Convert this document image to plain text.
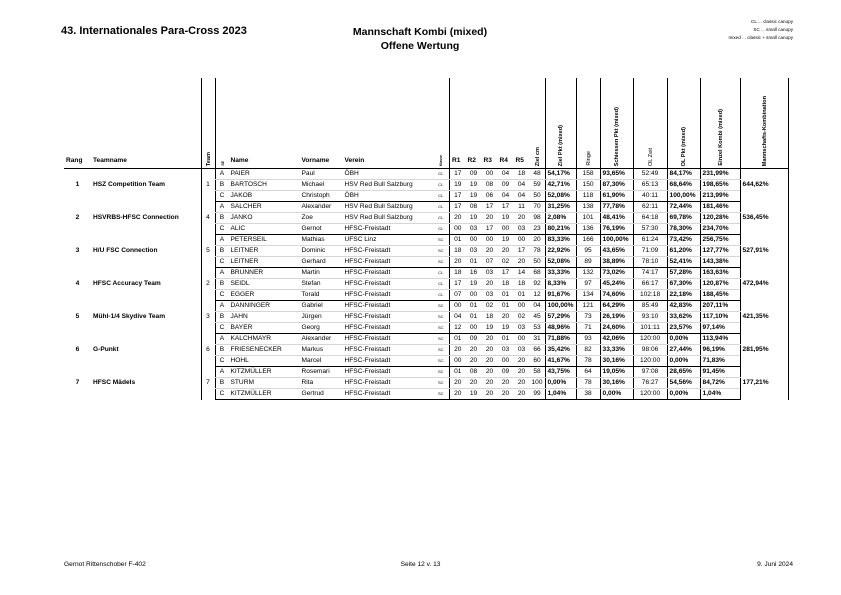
43. Internationales Para-Cross 2023	Mannschaft Kombi (mixed)
Offene Wertung
CL ... classic canopy
SC ... small canopy
mixed ... classic + small canopy
Rang	Teamname	Team	SE	Name	Vorname	Verein	Klasse	R1	R2	R3	R4	R5	Ziel cm	Ziel Pkt (mixed)	Ringe	Schiessen Pkt (mixed)	OL Zeit	OL Pkt (mixed)	Einzel Kombi (mixed)	Mannschafts-Kombination

1	HSZ Competition Team	1	A	PAIER	Paul	ÖBH	CL	17	09	00	04	18	48	54,17%	158	93,65%	52:49	84,17%	231,99%	644,62%
			B	BARTOSCH	Michael	HSV Red Bull Salzburg	CL	19	19	08	09	04	59	42,71%	150	87,30%	65:13	68,64%	198,65%	
			C	JAKOB	Christoph	ÖBH	CL	17	19	06	04	04	50	52,08%	118	61,90%	40:11	100,00%	213,99%	
2	HSVRBS-HFSC Connection	4	A	SALCHER	Alexander	HSV Red Bull Salzburg	CL	17	08	17	17	11	70	31,25%	138	77,78%	62:11	72,44%	181,46%	536,45%
			B	JANKO	Zoe	HSV Red Bull Salzburg	CL	20	19	20	19	20	98	2,08%	101	48,41%	64:18	69,78%	120,28%	
			C	ALIC	Gernot	HFSC-Freistadt	CL	00	03	17	00	03	23	80,21%	136	76,19%	57:30	78,30%	234,70%	
3	H/U FSC Connection	5	A	PETERSEIL	Mathias	UFSC Linz	SC	01	00	00	19	00	20	83,33%	166	100,00%	61:24	73,42%	256,75%	527,91%
			B	LEITNER	Dominic	HFSC-Freistadt	SC	18	03	20	20	17	78	22,92%	95	43,65%	71:09	61,20%	127,77%	
			C	LEITNER	Gerhard	HFSC-Freistadt	SC	20	01	07	02	20	50	52,08%	89	38,89%	78:10	52,41%	143,38%	
4	HFSC Accuracy Team	2	A	BRUNNER	Martin	HFSC-Freistadt	CL	18	16	03	17	14	68	33,33%	132	73,02%	74:17	57,28%	163,63%	472,94%
			B	SEIDL	Stefan	HFSC-Freistadt	CL	17	19	20	18	18	92	8,33%	97	45,24%	66:17	67,30%	120,87%	
			C	EGGER	Torald	HFSC-Freistadt	CL	07	00	03	01	01	12	91,67%	134	74,60%	102:18	22,18%	188,45%	
5	Mühl-1/4 Skydive Team	3	A	DANNINGER	Gabriel	HFSC-Freistadt	SC	00	01	02	01	00	04	100,00%	121	64,29%	85:49	42,83%	207,11%	421,35%
			B	JAHN	Jürgen	HFSC-Freistadt	SC	04	01	18	20	02	45	57,29%	73	26,19%	93:10	33,62%	117,10%	
			C	BAYER	Georg	HFSC-Freistadt	SC	12	00	19	19	03	53	48,96%	71	24,60%	101:11	23,57%	97,14%	
6	G-Punkt	6	A	KALCHMAYR	Alexander	HFSC-Freistadt	SC	01	09	20	01	00	31	71,88%	93	42,06%	120:00	0,00%	113,94%	281,95%
			B	FRIESENECKER	Markus	HFSC-Freistadt	SC	20	20	20	03	03	66	35,42%	82	33,33%	98:06	27,44%	96,19%	
			C	HOHL	Marcel	HFSC-Freistadt	SC	00	20	20	00	20	60	41,67%	78	30,16%	120:00	0,00%	71,83%	
7	HFSC Mädels	7	A	KITZMÜLLER	Rosemari	HFSC-Freistadt	SC	01	08	20	09	20	58	43,75%	64	19,05%	97:08	28,65%	91,45%	177,21%
			B	STURM	Rita	HFSC-Freistadt	SC	20	20	20	20	20	100	0,00%	78	30,16%	76:27	54,56%	84,72%	
			C	KITZMÜLLER	Gertrud	HFSC-Freistadt	SC	20	19	20	20	20	99	1,04%	38	0,00%	120:00	0,00%	1,04%	
Gernot Rittenschober F-402	Seite 12 v. 13	9. Juni 2024
